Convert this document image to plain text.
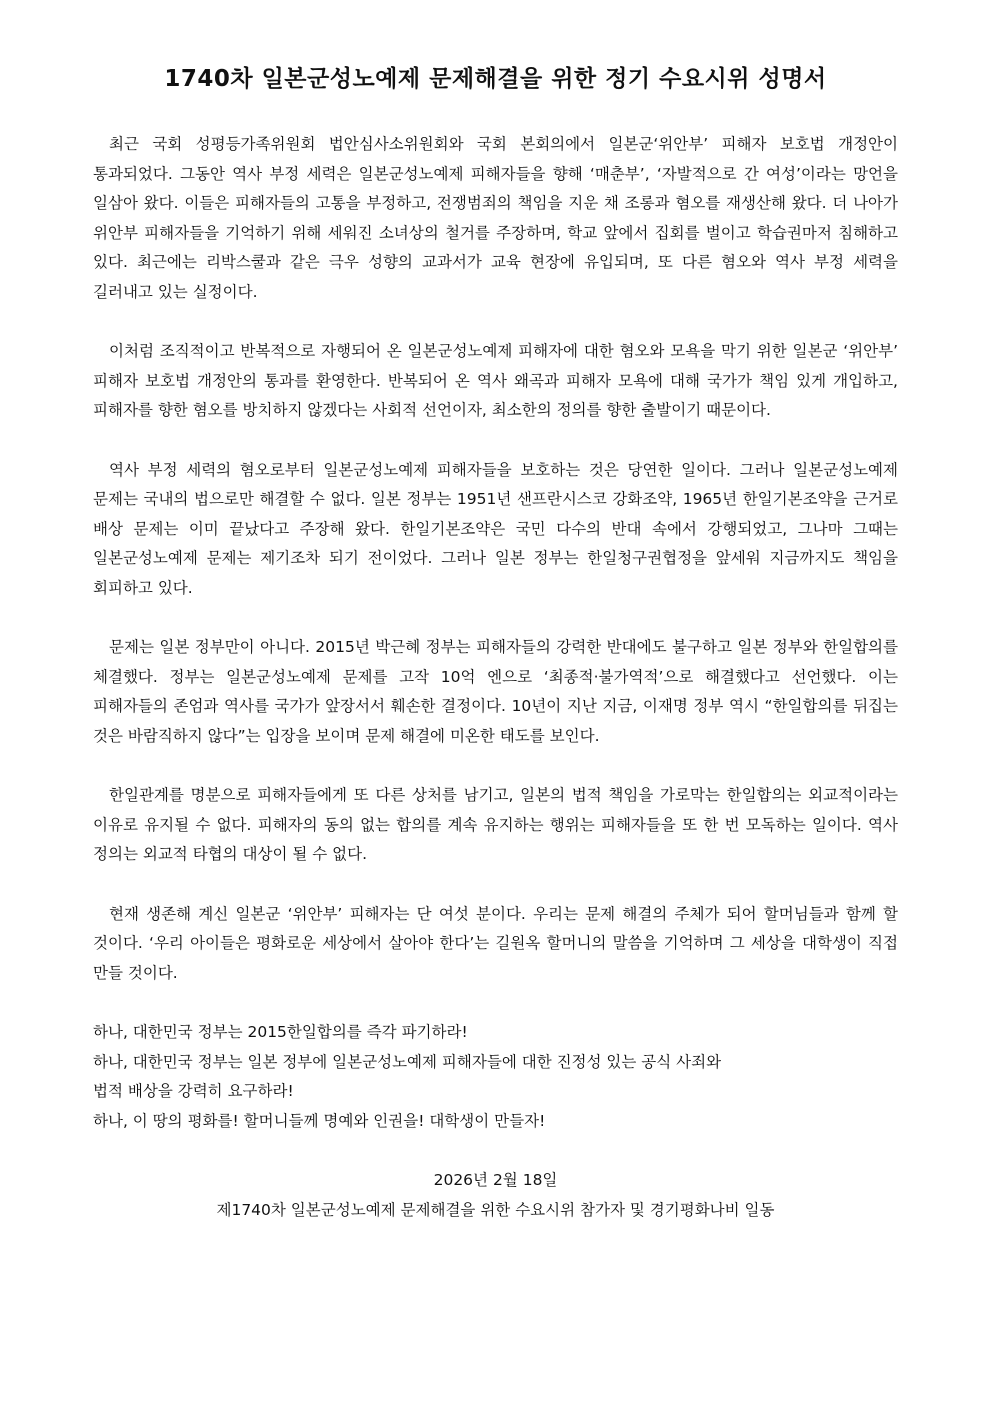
1740차 일본군성노예제 문제해결을 위한 정기 수요시위 성명서

최근 국회 성평등가족위원회 법안심사소위원회와 국회 본회의에서 일본군‘위안부’ 피해자 보호법 개정안이 통과되었다. 그동안 역사 부정 세력은 일본군성노예제 피해자들을 향해 ‘매춘부’, ‘자발적으로 간 여성’이라는 망언을 일삼아 왔다. 이들은 피해자들의 고통을 부정하고, 전쟁범죄의 책임을 지운 채 조롱과 혐오를 재생산해 왔다. 더 나아가 위안부 피해자들을 기억하기 위해 세워진 소녀상의 철거를 주장하며, 학교 앞에서 집회를 벌이고 학습권마저 침해하고 있다. 최근에는 리박스쿨과 같은 극우 성향의 교과서가 교육 현장에 유입되며, 또 다른 혐오와 역사 부정 세력을 길러내고 있는 실정이다.

이처럼 조직적이고 반복적으로 자행되어 온 일본군성노예제 피해자에 대한 혐오와 모욕을 막기 위한 일본군 ‘위안부’ 피해자 보호법 개정안의 통과를 환영한다. 반복되어 온 역사 왜곡과 피해자 모욕에 대해 국가가 책임 있게 개입하고, 피해자를 향한 혐오를 방치하지 않겠다는 사회적 선언이자, 최소한의 정의를 향한 출발이기 때문이다.

역사 부정 세력의 혐오로부터 일본군성노예제 피해자들을 보호하는 것은 당연한 일이다. 그러나 일본군성노예제 문제는 국내의 법으로만 해결할 수 없다. 일본 정부는 1951년 샌프란시스코 강화조약, 1965년 한일기본조약을 근거로 배상 문제는 이미 끝났다고 주장해 왔다. 한일기본조약은 국민 다수의 반대 속에서 강행되었고, 그나마 그때는 일본군성노예제 문제는 제기조차 되기 전이었다. 그러나 일본 정부는 한일청구권협정을 앞세워 지금까지도 책임을 회피하고 있다.

문제는 일본 정부만이 아니다. 2015년 박근혜 정부는 피해자들의 강력한 반대에도 불구하고 일본 정부와 한일합의를 체결했다. 정부는 일본군성노예제 문제를 고작 10억 엔으로 ‘최종적·불가역적’으로 해결했다고 선언했다. 이는 피해자들의 존엄과 역사를 국가가 앞장서서 훼손한 결정이다. 10년이 지난 지금, 이재명 정부 역시 “한일합의를 뒤집는 것은 바람직하지 않다”는 입장을 보이며 문제 해결에 미온한 태도를 보인다.

한일관계를 명분으로 피해자들에게 또 다른 상처를 남기고, 일본의 법적 책임을 가로막는 한일합의는 외교적이라는 이유로 유지될 수 없다. 피해자의 동의 없는 합의를 계속 유지하는 행위는 피해자들을 또 한 번 모독하는 일이다. 역사 정의는 외교적 타협의 대상이 될 수 없다.

현재 생존해 계신 일본군 ‘위안부’ 피해자는 단 여섯 분이다. 우리는 문제 해결의 주체가 되어 할머님들과 함께 할 것이다. ‘우리 아이들은 평화로운 세상에서 살아야 한다’는 길원옥 할머니의 말씀을 기억하며 그 세상을 대학생이 직접 만들 것이다.

하나, 대한민국 정부는 2015한일합의를 즉각 파기하라!

하나, 대한민국 정부는 일본 정부에 일본군성노예제 피해자들에 대한 진정성 있는 공식 사죄와

법적 배상을 강력히 요구하라!

하나, 이 땅의 평화를! 할머니들께 명예와 인권을! 대학생이 만들자!

2026년 2월 18일

제1740차 일본군성노예제 문제해결을 위한 수요시위 참가자 및 경기평화나비 일동
